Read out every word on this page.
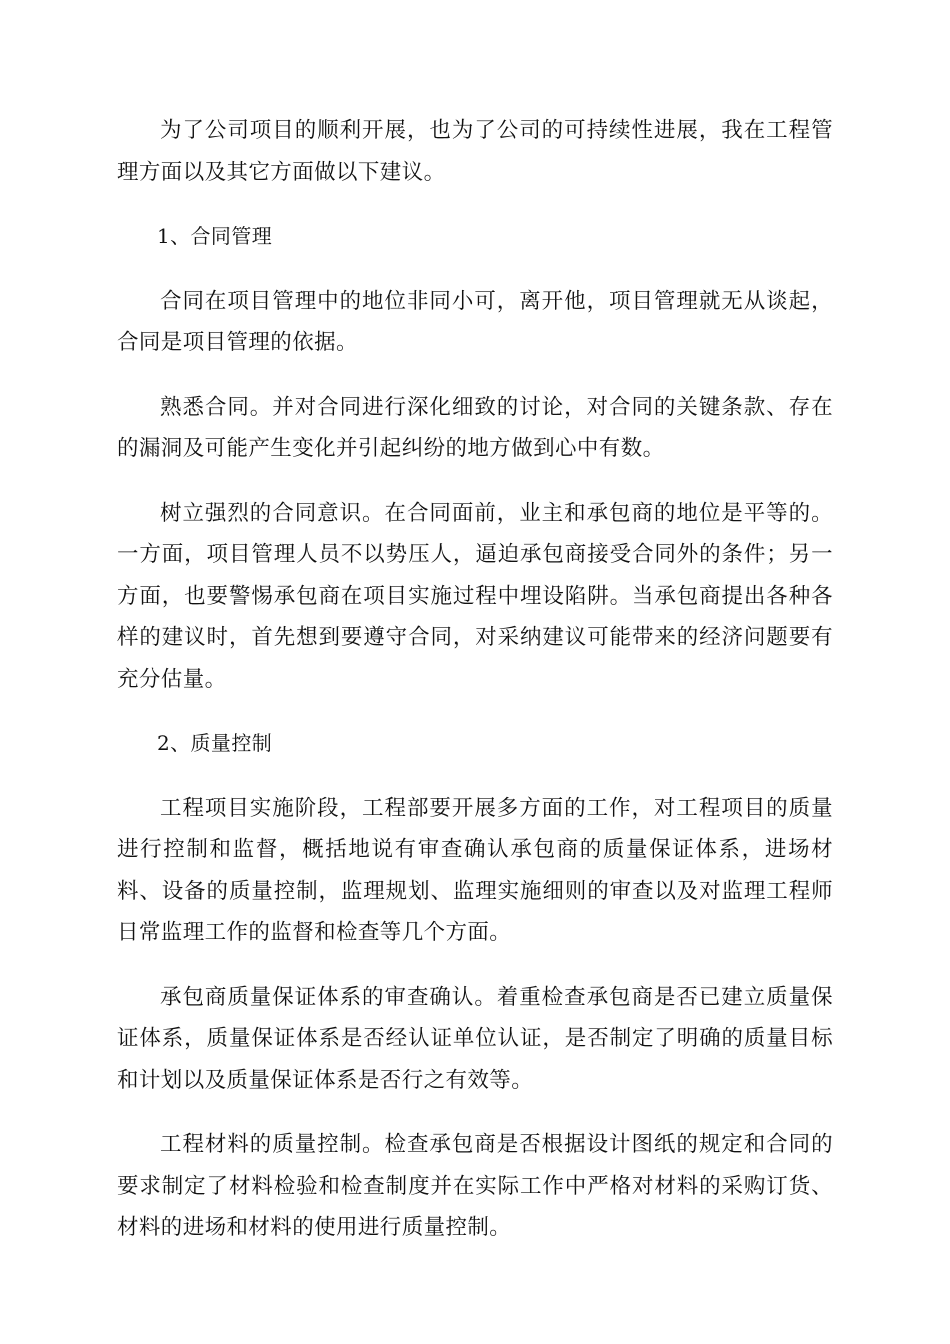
为了公司项目的顺利开展，也为了公司的可持续性进展，我在工程管理方面以及其它方面做以下建议。

1、合同管理

合同在项目管理中的地位非同小可，离开他，项目管理就无从谈起，合同是项目管理的依据。

熟悉合同。并对合同进行深化细致的讨论，对合同的关键条款、存在的漏洞及可能产生变化并引起纠纷的地方做到心中有数。

树立强烈的合同意识。在合同面前，业主和承包商的地位是平等的。一方面，项目管理人员不以势压人，逼迫承包商接受合同外的条件；另一方面，也要警惕承包商在项目实施过程中埋设陷阱。当承包商提出各种各样的建议时，首先想到要遵守合同，对采纳建议可能带来的经济问题要有充分估量。

2、质量控制

工程项目实施阶段，工程部要开展多方面的工作，对工程项目的质量进行控制和监督，概括地说有审查确认承包商的质量保证体系，进场材料、设备的质量控制，监理规划、监理实施细则的审查以及对监理工程师日常监理工作的监督和检查等几个方面。

承包商质量保证体系的审查确认。着重检查承包商是否已建立质量保证体系，质量保证体系是否经认证单位认证，是否制定了明确的质量目标和计划以及质量保证体系是否行之有效等。

工程材料的质量控制。检查承包商是否根据设计图纸的规定和合同的要求制定了材料检验和检查制度并在实际工作中严格对材料的采购订货、材料的进场和材料的使用进行质量控制。
